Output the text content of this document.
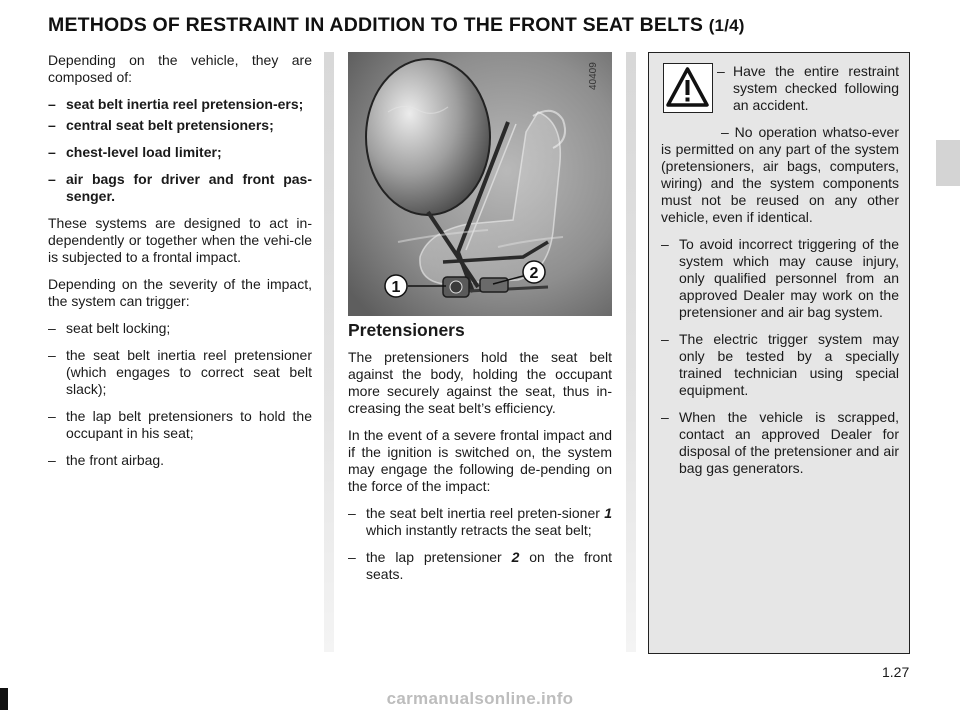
METHODS OF RESTRAINT IN ADDITION TO THE FRONT SEAT BELTS (1/4)

Depending on the vehicle, they are composed of:

– seat belt inertia reel pretension-ers;
– central seat belt pretensioners;
– chest-level load limiter;
– air bags for driver and front pas-senger.

These systems are designed to act in-dependently or together when the vehi-cle is subjected to a frontal impact.

Depending on the severity of the impact, the system can trigger:

– seat belt locking;
– the seat belt inertia reel pretensioner (which engages to correct seat belt slack);
– the lap belt pretensioners to hold the occupant in his seat;
– the front airbag.
1
2
40409
Pretensioners

The pretensioners hold the seat belt against the body, holding the occupant more securely against the seat, thus in-creasing the seat belt’s efficiency.

In the event of a severe frontal impact and if the ignition is switched on, the system may engage the following de-pending on the force of the impact:

– the seat belt inertia reel preten-sioner 1 which instantly retracts the seat belt;
– the lap pretensioner 2 on the front seats.
– Have the entire restraint system checked following an accident.

– No operation whatso-ever is permitted on any part of the system (pretensioners, air bags, computers, wiring) and the system components must not be reused on any other vehicle, even if identical.

– To avoid incorrect triggering of the system which may cause injury, only qualified personnel from an approved Dealer may work on the pretensioner and air bag system.
– The electric trigger system may only be tested by a specially trained technician using special equipment.
– When the vehicle is scrapped, contact an approved Dealer for disposal of the pretensioner and air bag gas generators.
1.27
carmanualsonline.info
